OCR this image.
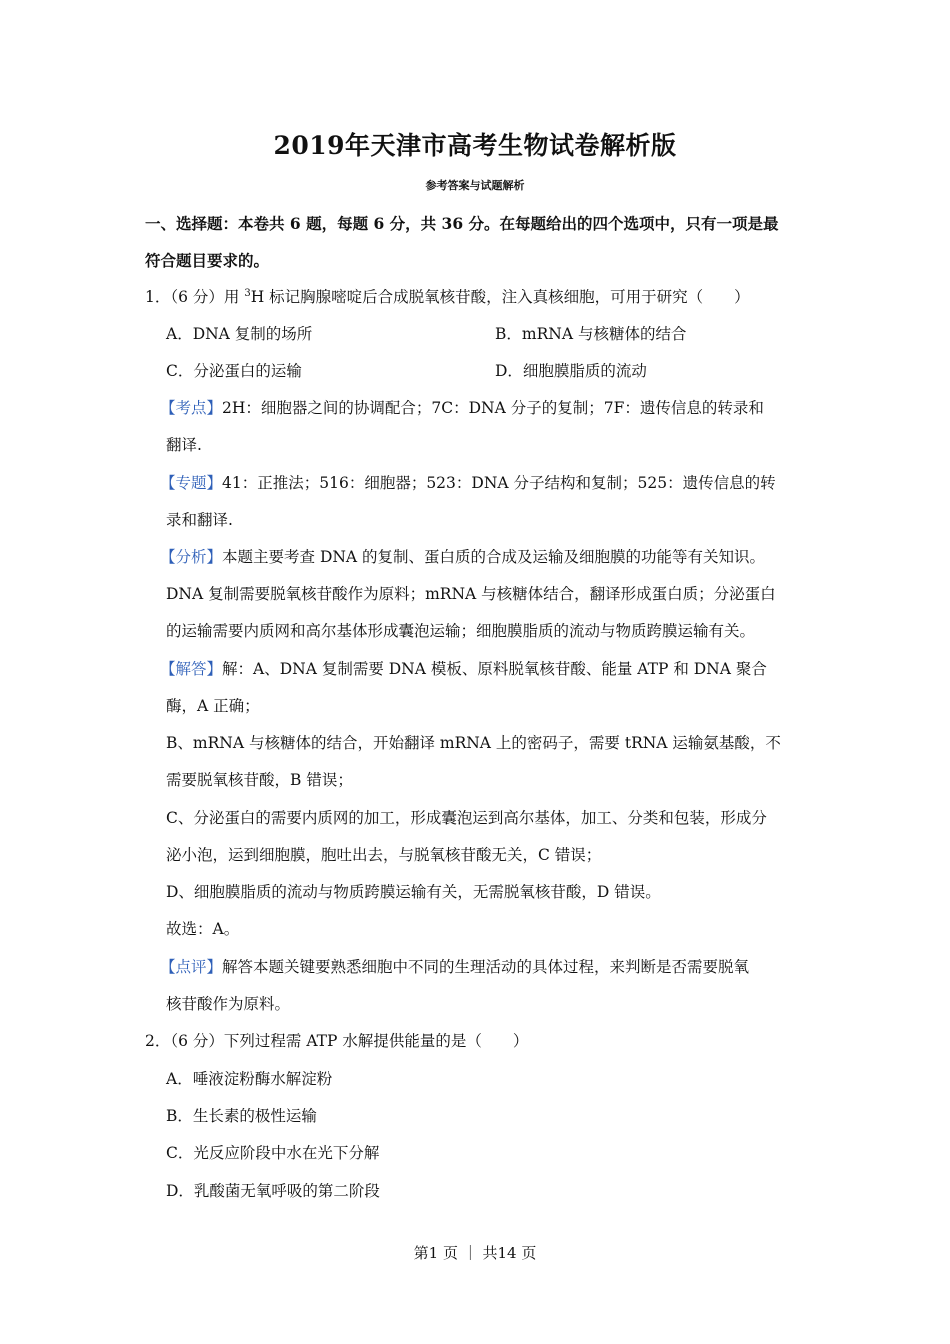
2019年天津市高考生物试卷解析版
参考答案与试题解析
一、选择题：本卷共 6 题，每题 6 分，共 36 分。在每题给出的四个选项中，只有一项是最
符合题目要求的。
1．（6 分）用 $^3$H 标记胸腺嘧啶后合成脱氧核苷酸，注入真核细胞，可用于研究（　　）
A．DNA 复制的场所	B．mRNA 与核糖体的结合
C．分泌蛋白的运输	D．细胞膜脂质的流动
【考点】2H：细胞器之间的协调配合；7C：DNA 分子的复制；7F：遗传信息的转录和
翻译.
【专题】41：正推法；516：细胞器；523：DNA 分子结构和复制；525：遗传信息的转
录和翻译.
【分析】本题主要考查 DNA 的复制、蛋白质的合成及运输及细胞膜的功能等有关知识。
DNA 复制需要脱氧核苷酸作为原料；mRNA 与核糖体结合，翻译形成蛋白质；分泌蛋白
的运输需要内质网和高尔基体形成囊泡运输；细胞膜脂质的流动与物质跨膜运输有关。
【解答】解：A、DNA 复制需要 DNA 模板、原料脱氧核苷酸、能量 ATP 和 DNA 聚合
酶，A 正确；
B、mRNA 与核糖体的结合，开始翻译 mRNA 上的密码子，需要 tRNA 运输氨基酸，不
需要脱氧核苷酸，B 错误；
C、分泌蛋白的需要内质网的加工，形成囊泡运到高尔基体，加工、分类和包装，形成分
泌小泡，运到细胞膜，胞吐出去，与脱氧核苷酸无关，C 错误；
D、细胞膜脂质的流动与物质跨膜运输有关，无需脱氧核苷酸，D 错误。
故选：A。
【点评】解答本题关键要熟悉细胞中不同的生理活动的具体过程，来判断是否需要脱氧
核苷酸作为原料。
2．（6 分）下列过程需 ATP 水解提供能量的是（　　）
A．唾液淀粉酶水解淀粉
B．生长素的极性运输
C．光反应阶段中水在光下分解
D．乳酸菌无氧呼吸的第二阶段
第1 页 ｜ 共14 页
